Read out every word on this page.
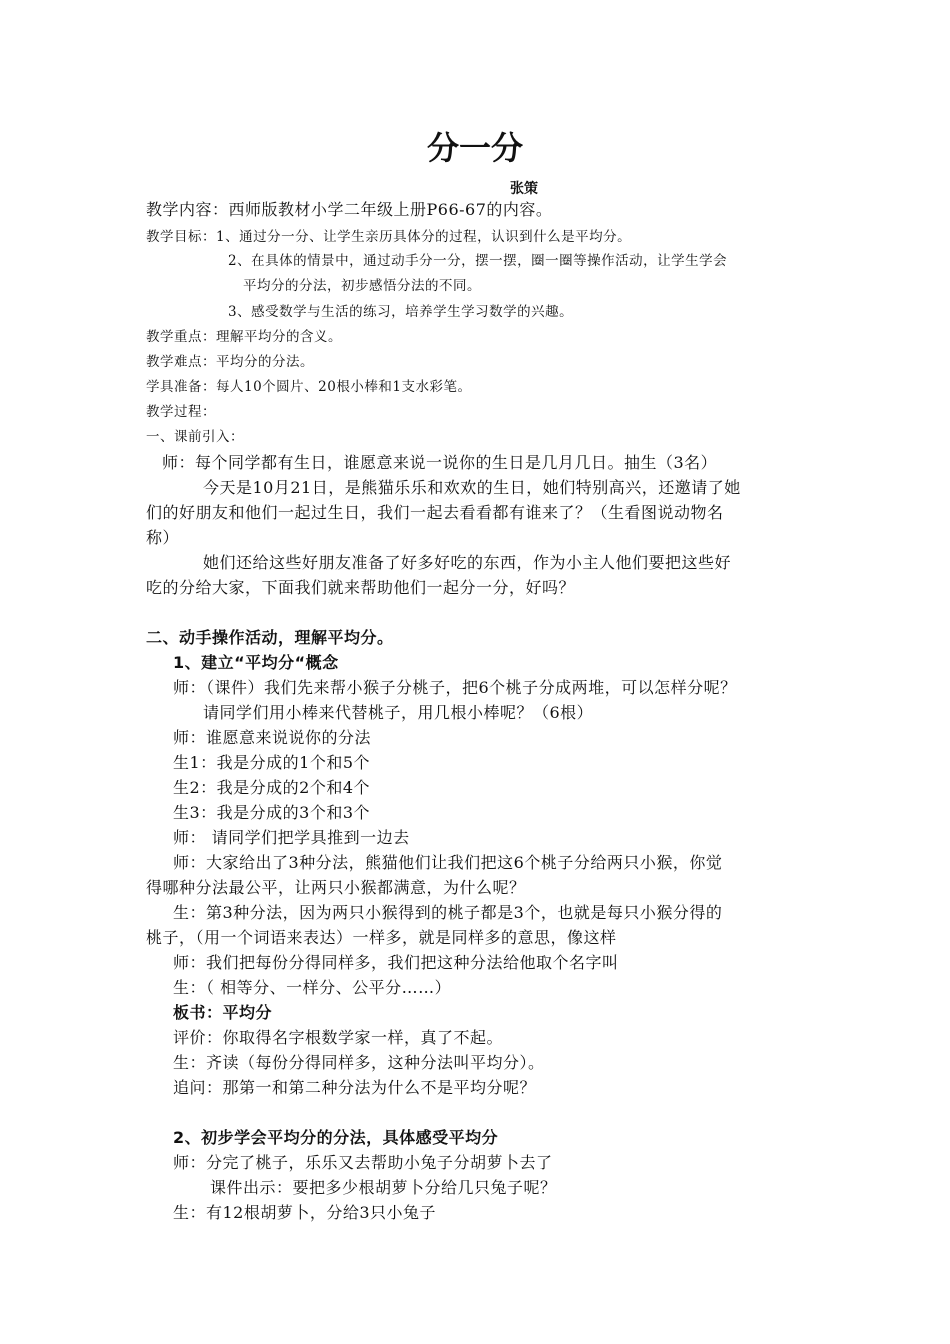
分一分
张策
教学内容：西师版教材小学二年级上册P66-67的内容。
教学目标：1、通过分一分、让学生亲历具体分的过程，认识到什么是平均分。
2、在具体的情景中，通过动手分一分，摆一摆，圈一圈等操作活动，让学生学会
平均分的分法，初步感悟分法的不同。
3、感受数学与生活的练习，培养学生学习数学的兴趣。
教学重点：理解平均分的含义。
教学难点：平均分的分法。
学具准备：每人10个圆片、20根小棒和1支水彩笔。
教学过程：
一、课前引入：
师：每个同学都有生日，谁愿意来说一说你的生日是几月几日。抽生（3名）
今天是10月21日，是熊猫乐乐和欢欢的生日，她们特别高兴，还邀请了她
们的好朋友和他们一起过生日，我们一起去看看都有谁来了？（生看图说动物名
称）
她们还给这些好朋友准备了好多好吃的东西，作为小主人他们要把这些好
吃的分给大家，下面我们就来帮助他们一起分一分，好吗？
二、动手操作活动，理解平均分。
1、建立“平均分“概念
师：（课件）我们先来帮小猴子分桃子，把6个桃子分成两堆，可以怎样分呢？
请同学们用小棒来代替桃子，用几根小棒呢？（6根）
师：谁愿意来说说你的分法
生1：我是分成的1个和5个
生2：我是分成的2个和4个
生3：我是分成的3个和3个
师： 请同学们把学具推到一边去
师：大家给出了3种分法，熊猫他们让我们把这6个桃子分给两只小猴，你觉
得哪种分法最公平，让两只小猴都满意，为什么呢？
生：第3种分法，因为两只小猴得到的桃子都是3个，也就是每只小猴分得的
桃子，（用一个词语来表达）一样多，就是同样多的意思，像这样
师：我们把每份分得同样多，我们把这种分法给他取个名字叫
生：（ 相等分、一样分、公平分……）
板书：平均分
评价：你取得名字根数学家一样，真了不起。
生：齐读（每份分得同样多，这种分法叫平均分）。
追问：那第一和第二种分法为什么不是平均分呢？
2、初步学会平均分的分法，具体感受平均分
师：分完了桃子，乐乐又去帮助小兔子分胡萝卜去了
课件出示：要把多少根胡萝卜分给几只兔子呢？
生：有12根胡萝卜，分给3只小兔子
